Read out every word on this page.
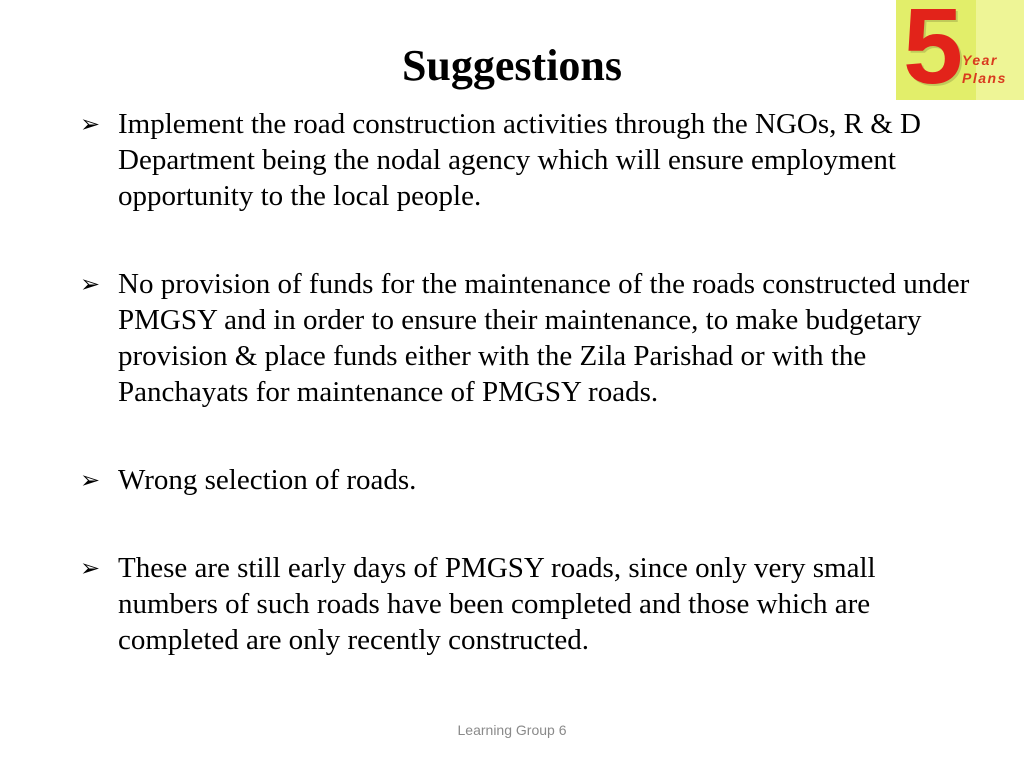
Suggestions	5
Year
Plans
➢ Implement the road construction activities through the NGOs, R & D Department being the nodal agency which will ensure employment opportunity to the local people.
➢ No provision of funds for the maintenance of the roads constructed under PMGSY and in order to ensure their maintenance, to make budgetary provision & place funds either with the Zila Parishad or with the Panchayats for maintenance of PMGSY roads.
➢ Wrong selection of roads.
➢ These are still early days of PMGSY roads, since only very small numbers of such roads have been completed and those which are completed are only recently constructed.
Learning Group 6
